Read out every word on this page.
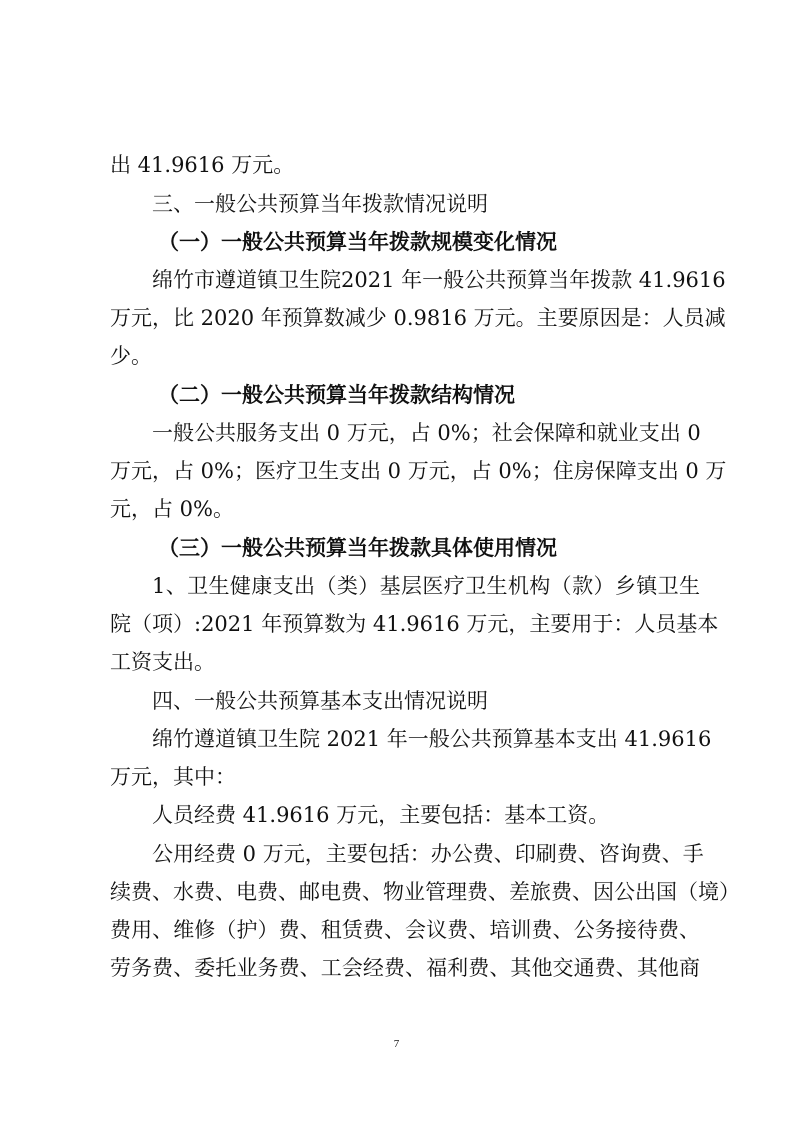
出 41.9616 万元。
三、一般公共预算当年拨款情况说明
（一）一般公共预算当年拨款规模变化情况
绵竹市遵道镇卫生院2021 年一般公共预算当年拨款 41.9616
万元，比 2020 年预算数减少 0.9816 万元。主要原因是：人员减
少。
（二）一般公共预算当年拨款结构情况
一般公共服务支出 0 万元，占 0%；社会保障和就业支出 0
万元，占 0%；医疗卫生支出 0 万元，占 0%；住房保障支出 0 万
元，占 0%。
（三）一般公共预算当年拨款具体使用情况
1、卫生健康支出（类）基层医疗卫生机构（款）乡镇卫生
院（项）:2021 年预算数为 41.9616 万元，主要用于：人员基本
工资支出。
四、一般公共预算基本支出情况说明
绵竹遵道镇卫生院 2021 年一般公共预算基本支出 41.9616
万元，其中：
人员经费 41.9616 万元，主要包括：基本工资。
公用经费 0 万元，主要包括：办公费、印刷费、咨询费、手
续费、水费、电费、邮电费、物业管理费、差旅费、因公出国（境）
费用、维修（护）费、租赁费、会议费、培训费、公务接待费、
劳务费、委托业务费、工会经费、福利费、其他交通费、其他商
7
